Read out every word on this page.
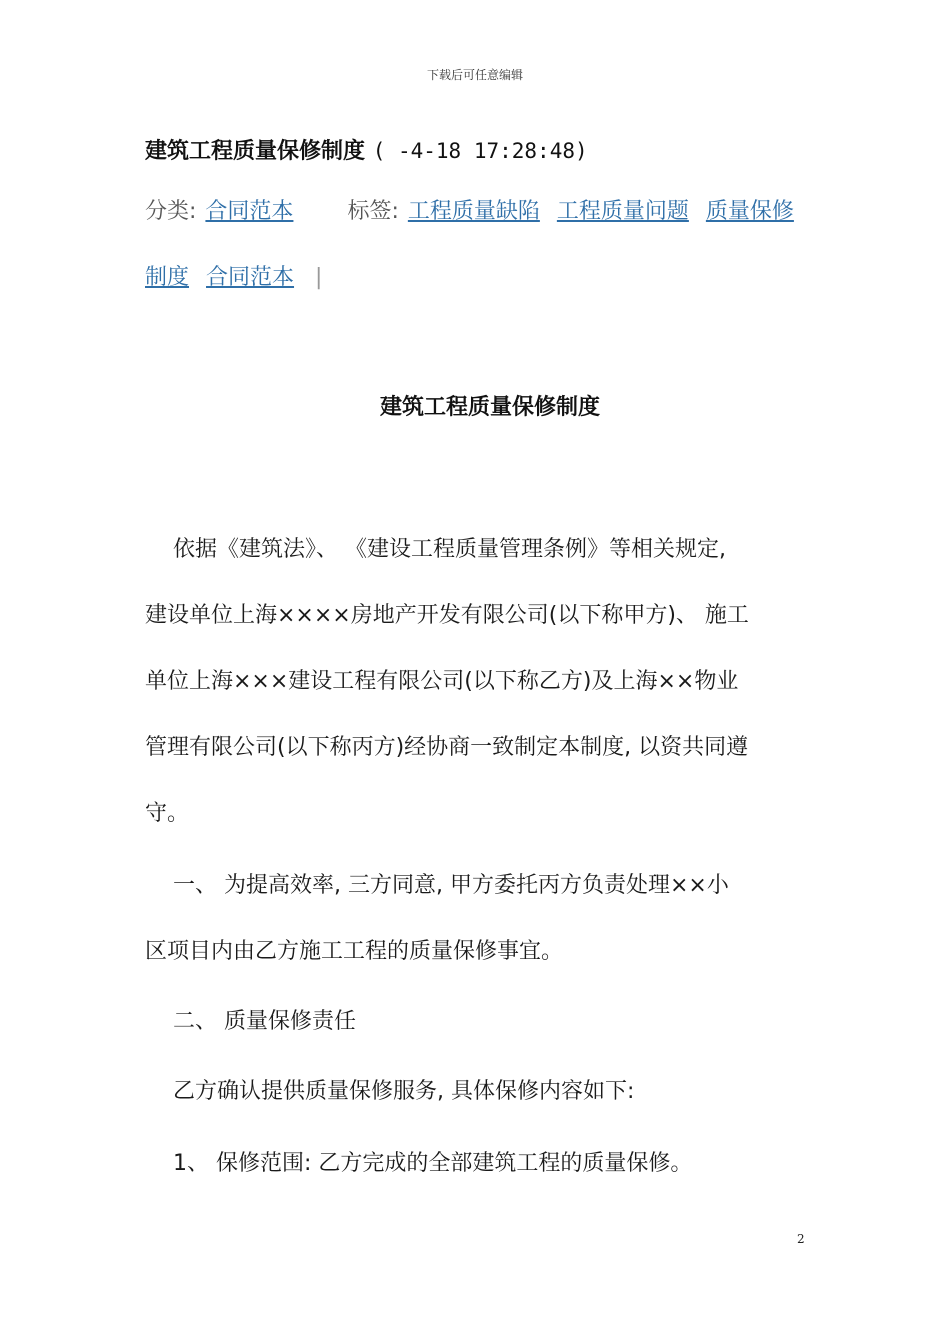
下载后可任意编辑
建筑工程质量保修制度 ( -4-18 17:28:48)
分类: 合同范本 标签: 工程质量缺陷 工程质量问题 质量保修
制度 合同范本 |
建筑工程质量保修制度
依据《建筑法》、 《建设工程质量管理条例》等相关规定,
建设单位上海××××房地产开发有限公司(以下称甲方)、 施工
单位上海×××建设工程有限公司(以下称乙方)及上海××物业
管理有限公司(以下称丙方)经协商一致制定本制度, 以资共同遵
守。
一、 为提高效率, 三方同意, 甲方委托丙方负责处理××小
区项目内由乙方施工工程的质量保修事宜。
二、 质量保修责任
乙方确认提供质量保修服务, 具体保修内容如下:
1、 保修范围: 乙方完成的全部建筑工程的质量保修。
2
